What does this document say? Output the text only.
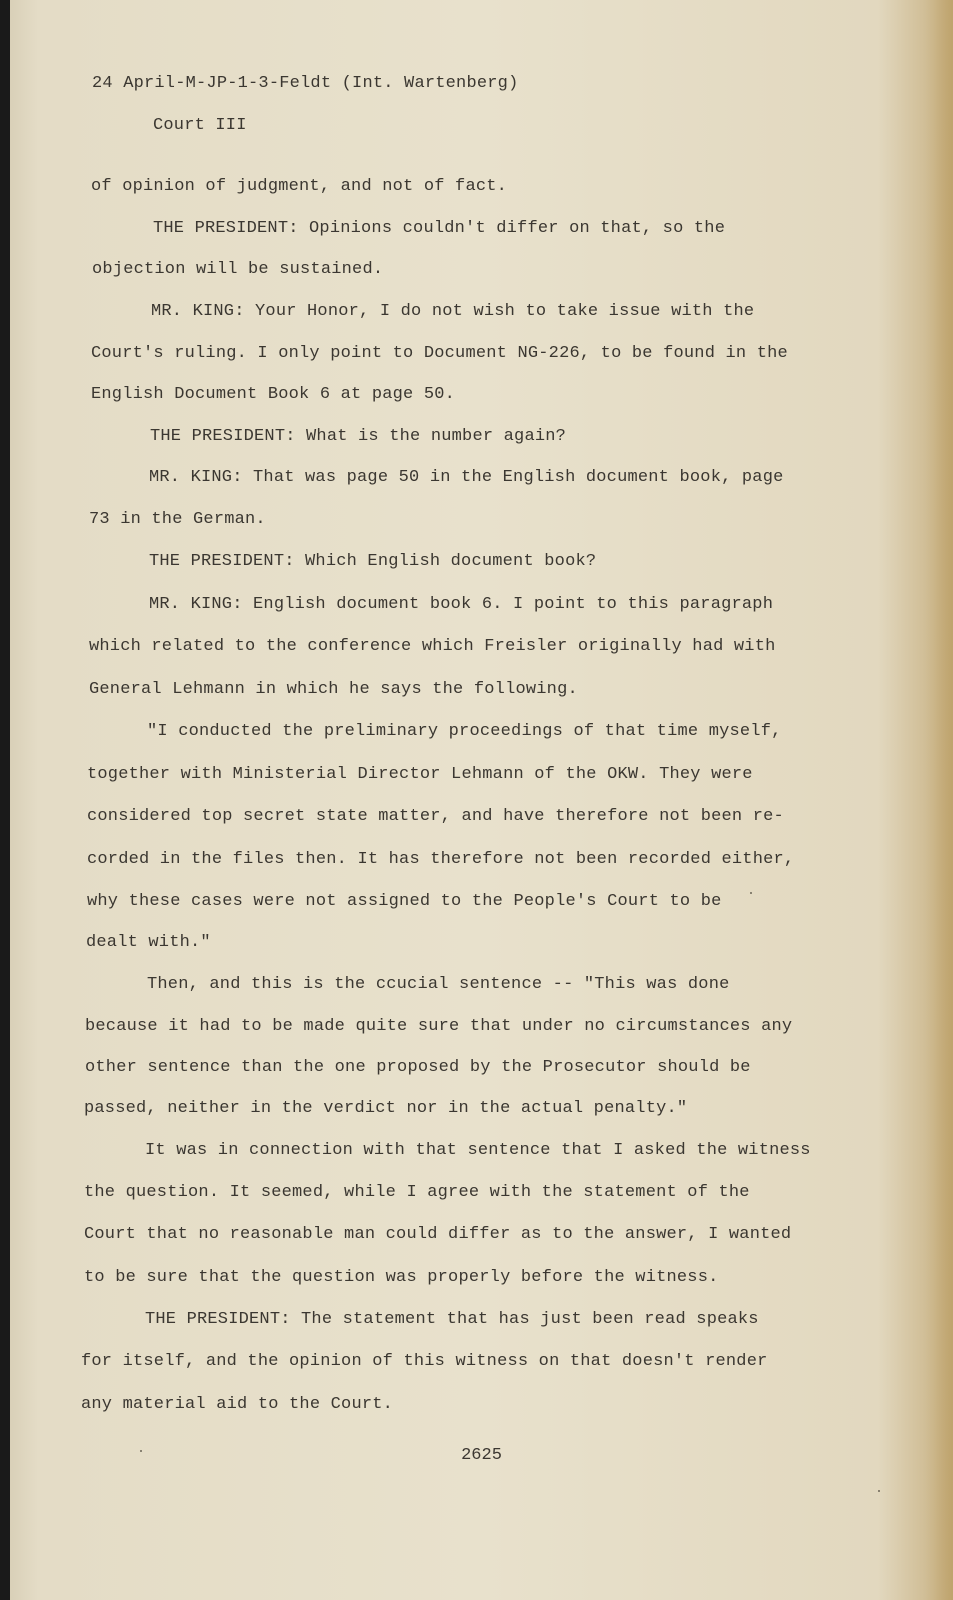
24 April-M-JP-1-3-Feldt (Int. Wartenberg)
Court III
of opinion of judgment, and not of fact.
THE PRESIDENT: Opinions couldn't differ on that, so the
objection will be sustained.
MR. KING: Your Honor, I do not wish to take issue with the
Court's ruling. I only point to Document NG-226, to be found in the
English Document Book 6 at page 50.
THE PRESIDENT: What is the number again?
MR. KING: That was page 50 in the English document book, page
73 in the German.
THE PRESIDENT: Which English document book?
MR. KING: English document book 6. I point to this paragraph
which related to the conference which Freisler originally had with
General Lehmann in which he says the following.
"I conducted the preliminary proceedings of that time myself,
together with Ministerial Director Lehmann of the OKW. They were
considered top secret state matter, and have therefore not been re-
corded in the files then. It has therefore not been recorded either,
why these cases were not assigned to the People's Court to be
dealt with."
Then, and this is the ccucial sentence -- "This was done
because it had to be made quite sure that under no circumstances any
other sentence than the one proposed by the Prosecutor should be
passed, neither in the verdict nor in the actual penalty."
It was in connection with that sentence that I asked the witness
the question. It seemed, while I agree with the statement of the
Court that no reasonable man could differ as to the answer, I wanted
to be sure that the question was properly before the witness.
THE PRESIDENT: The statement that has just been read speaks
for itself, and the opinion of this witness on that doesn't render
any material aid to the Court.
2625
